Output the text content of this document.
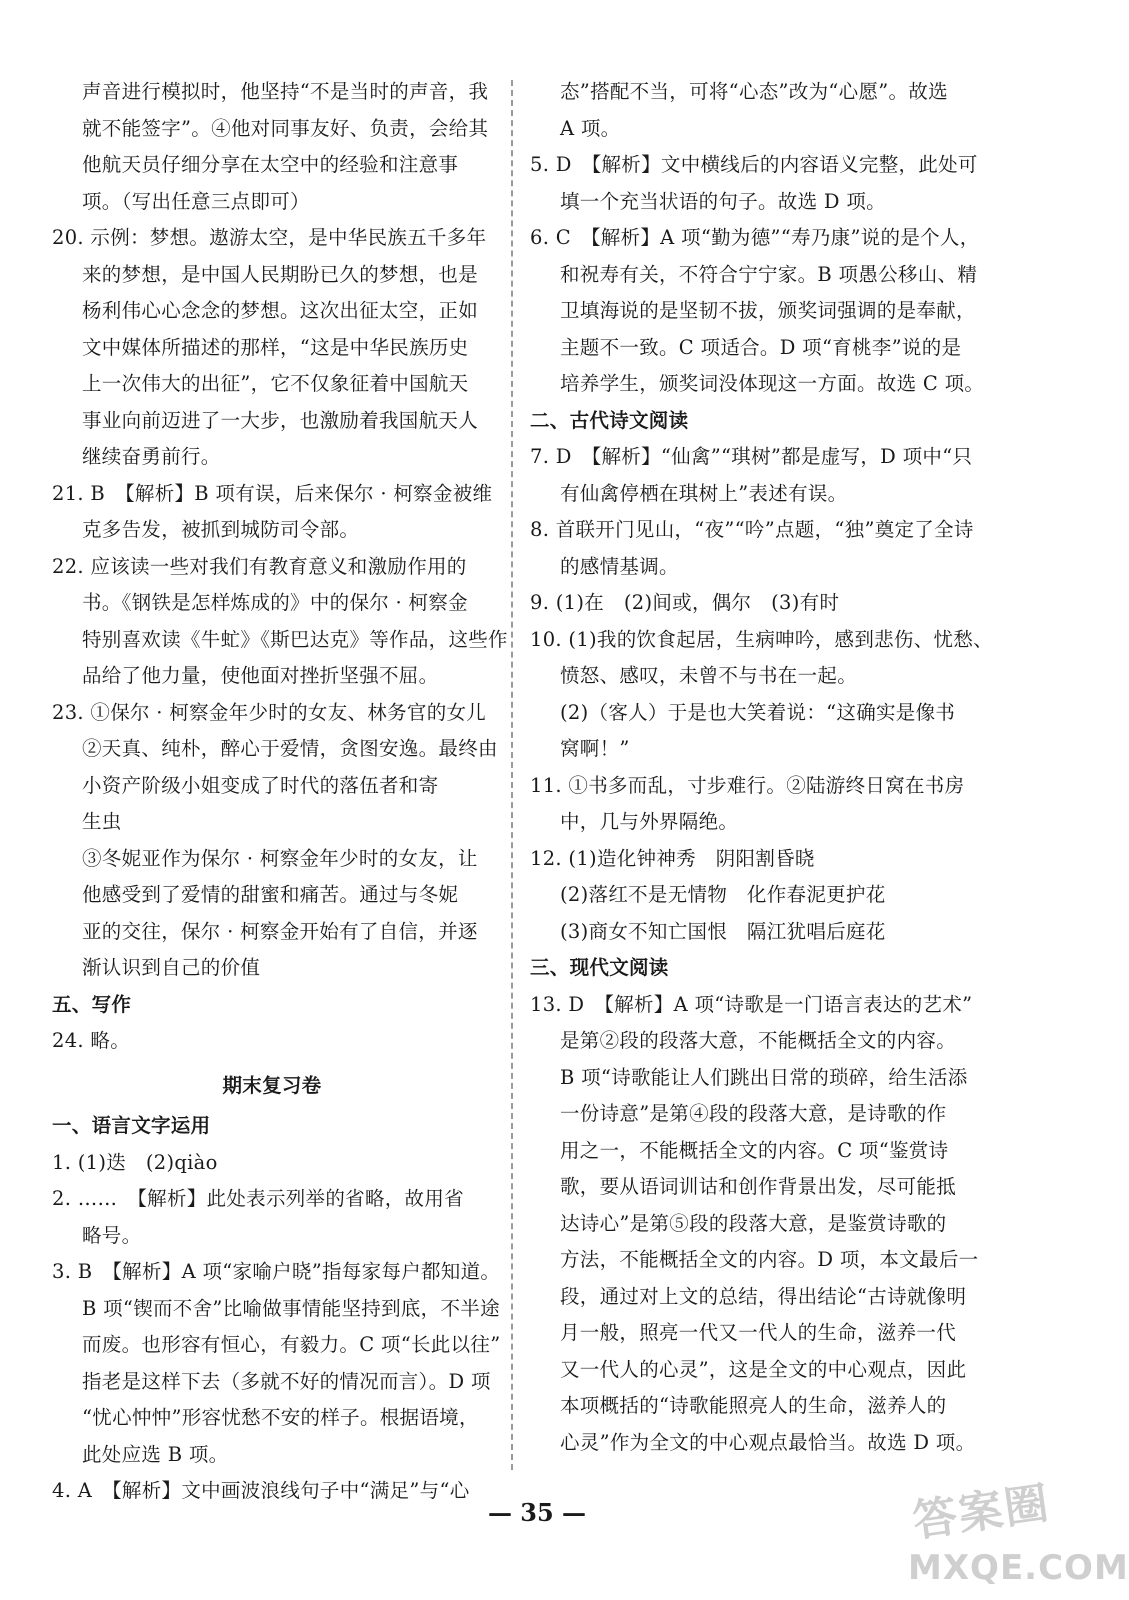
声音进行模拟时，他坚持“不是当时的声音，我
就不能签字”。④他对同事友好、负责，会给其
他航天员仔细分享在太空中的经验和注意事
项。（写出任意三点即可）
20. 示例：梦想。遨游太空，是中华民族五千多年
来的梦想，是中国人民期盼已久的梦想，也是
杨利伟心心念念的梦想。这次出征太空，正如
文中媒体所描述的那样，“这是中华民族历史
上一次伟大的出征”，它不仅象征着中国航天
事业向前迈进了一大步，也激励着我国航天人
继续奋勇前行。
21. B　【解析】B 项有误，后来保尔 · 柯察金被维
克多告发，被抓到城防司令部。
22. 应该读一些对我们有教育意义和激励作用的
书。《钢铁是怎样炼成的》中的保尔 · 柯察金
特别喜欢读《牛虻》《斯巴达克》等作品，这些作
品给了他力量，使他面对挫折坚强不屈。
23. ①保尔 · 柯察金年少时的女友、林务官的女儿
②天真、纯朴，醉心于爱情，贪图安逸。最终由
小资产阶级小姐变成了时代的落伍者和寄
生虫
③冬妮亚作为保尔 · 柯察金年少时的女友，让
他感受到了爱情的甜蜜和痛苦。通过与冬妮
亚的交往，保尔 · 柯察金开始有了自信，并逐
渐认识到自己的价值
五、写作
24. 略。
期末复习卷
一、语言文字运用
1. (1)迭　(2)qiào
2. ……　【解析】此处表示列举的省略，故用省
略号。
3. B　【解析】A 项“家喻户晓”指每家每户都知道。
B 项“锲而不舍”比喻做事情能坚持到底，不半途
而废。也形容有恒心，有毅力。C 项“长此以往”
指老是这样下去（多就不好的情况而言）。D 项
“忧心忡忡”形容忧愁不安的样子。根据语境，
此处应选 B 项。
4. A　【解析】文中画波浪线句子中“满足”与“心
态”搭配不当，可将“心态”改为“心愿”。故选
A 项。
5. D　【解析】文中横线后的内容语义完整，此处可
填一个充当状语的句子。故选 D 项。
6. C　【解析】A 项“勤为德”“寿乃康”说的是个人，
和祝寿有关，不符合宁宁家。B 项愚公移山、精
卫填海说的是坚韧不拔，颁奖词强调的是奉献，
主题不一致。C 项适合。D 项“育桃李”说的是
培养学生，颁奖词没体现这一方面。故选 C 项。
二、古代诗文阅读
7. D　【解析】“仙禽”“琪树”都是虚写，D 项中“只
有仙禽停栖在琪树上”表述有误。
8. 首联开门见山，“夜”“吟”点题，“独”奠定了全诗
的感情基调。
9. (1)在　(2)间或，偶尔　(3)有时
10. (1)我的饮食起居，生病呻吟，感到悲伤、忧愁、
愤怒、感叹，未曾不与书在一起。
(2)（客人）于是也大笑着说：“这确实是像书
窝啊！”
11. ①书多而乱，寸步难行。②陆游终日窝在书房
中，几与外界隔绝。
12. (1)造化钟神秀　阴阳割昏晓
(2)落红不是无情物　化作春泥更护花
(3)商女不知亡国恨　隔江犹唱后庭花
三、现代文阅读
13. D　【解析】A 项“诗歌是一门语言表达的艺术”
是第②段的段落大意，不能概括全文的内容。
B 项“诗歌能让人们跳出日常的琐碎，给生活添
一份诗意”是第④段的段落大意，是诗歌的作
用之一，不能概括全文的内容。C 项“鉴赏诗
歌，要从语词训诂和创作背景出发，尽可能抵
达诗心”是第⑤段的段落大意，是鉴赏诗歌的
方法，不能概括全文的内容。D 项，本文最后一
段，通过对上文的总结，得出结论“古诗就像明
月一般，照亮一代又一代人的生命，滋养一代
又一代人的心灵”，这是全文的中心观点，因此
本项概括的“诗歌能照亮人的生命，滋养人的
心灵”作为全文的中心观点最恰当。故选 D 项。
— 35 —	答案圈
MXQE.COM
